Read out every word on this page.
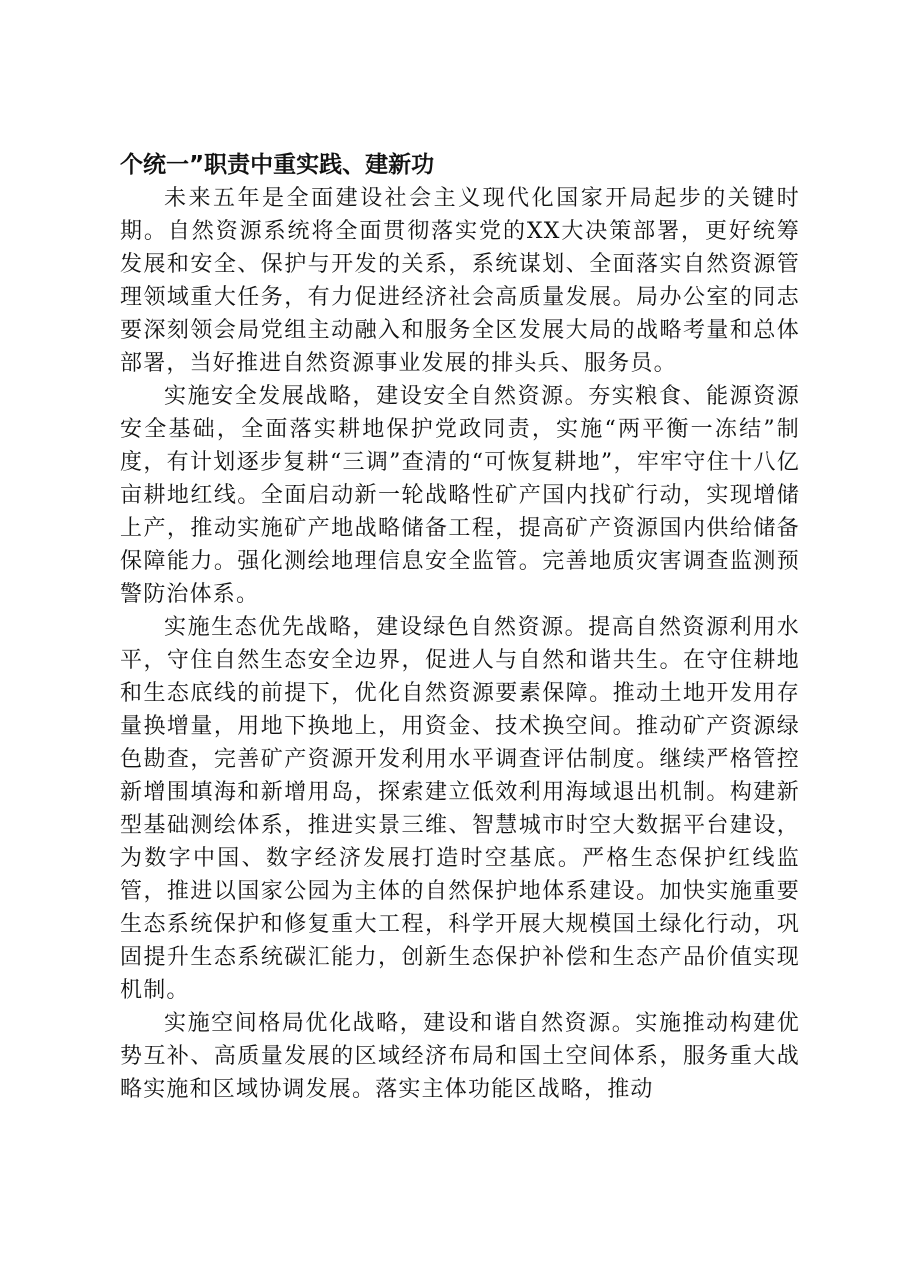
个统一”职责中重实践、建新功

未来五年是全面建设社会主义现代化国家开局起步的关键时期。自然资源系统将全面贯彻落实党的XX大决策部署，更好统筹发展和安全、保护与开发的关系，系统谋划、全面落实自然资源管理领域重大任务，有力促进经济社会高质量发展。局办公室的同志要深刻领会局党组主动融入和服务全区发展大局的战略考量和总体部署，当好推进自然资源事业发展的排头兵、服务员。

实施安全发展战略，建设安全自然资源。夯实粮食、能源资源安全基础，全面落实耕地保护党政同责，实施“两平衡一冻结”制度，有计划逐步复耕“三调”查清的“可恢复耕地”，牢牢守住十八亿亩耕地红线。全面启动新一轮战略性矿产国内找矿行动，实现增储上产，推动实施矿产地战略储备工程，提高矿产资源国内供给储备保障能力。强化测绘地理信息安全监管。完善地质灾害调查监测预警防治体系。

实施生态优先战略，建设绿色自然资源。提高自然资源利用水平，守住自然生态安全边界，促进人与自然和谐共生。在守住耕地和生态底线的前提下，优化自然资源要素保障。推动土地开发用存量换增量，用地下换地上，用资金、技术换空间。推动矿产资源绿色勘查，完善矿产资源开发利用水平调查评估制度。继续严格管控新增围填海和新增用岛，探索建立低效利用海域退出机制。构建新型基础测绘体系，推进实景三维、智慧城市时空大数据平台建设，为数字中国、数字经济发展打造时空基底。严格生态保护红线监管，推进以国家公园为主体的自然保护地体系建设。加快实施重要生态系统保护和修复重大工程，科学开展大规模国土绿化行动，巩固提升生态系统碳汇能力，创新生态保护补偿和生态产品价值实现机制。

实施空间格局优化战略，建设和谐自然资源。实施推动构建优势互补、高质量发展的区域经济布局和国土空间体系，服务重大战略实施和区域协调发展。落实主体功能区战略，推动
